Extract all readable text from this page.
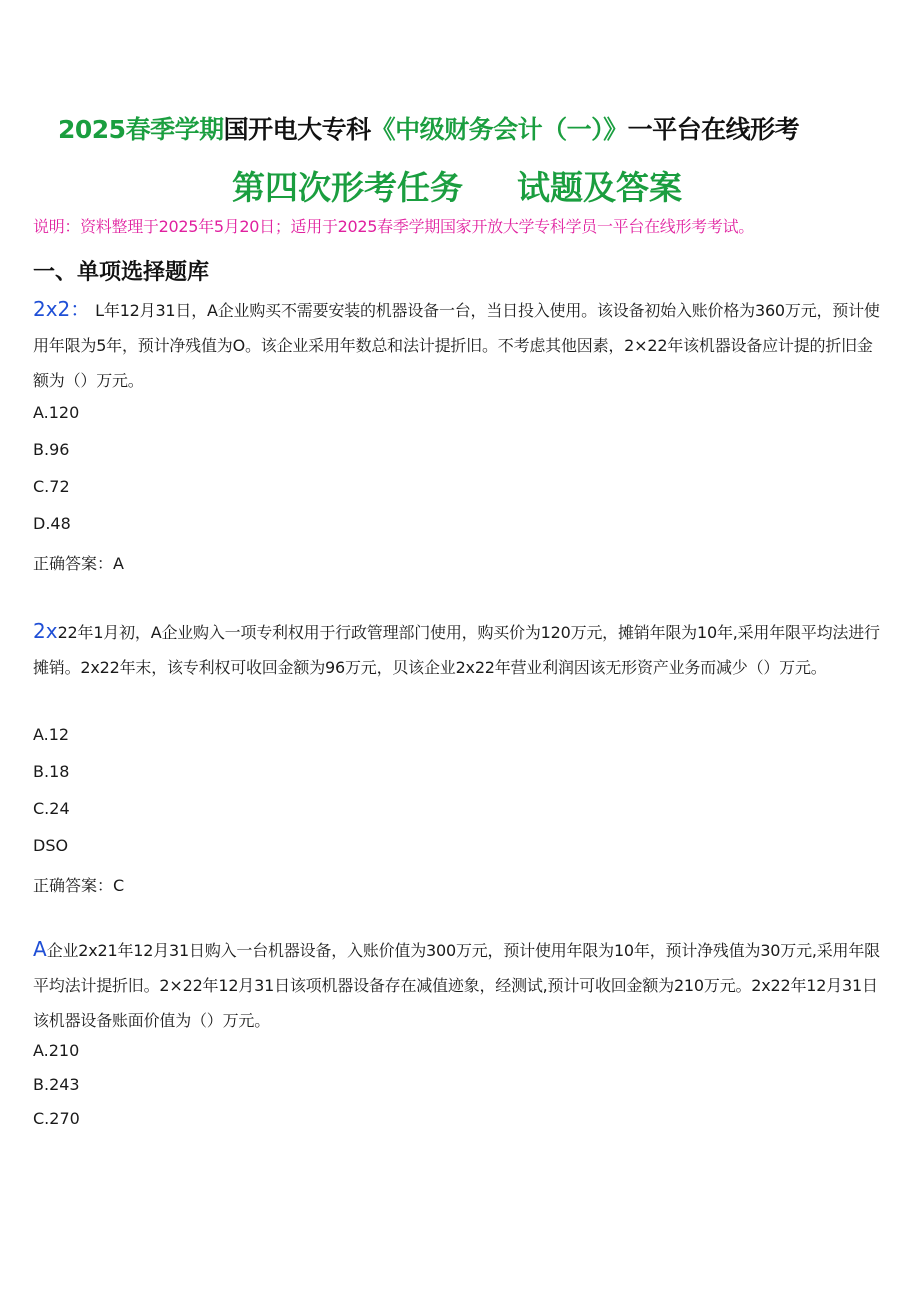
2025春季学期国开电大专科《中级财务会计（一）》一平台在线形考
第四次形考任务 试题及答案
说明：资料整理于2025年5月20日；适用于2025春季学期国家开放大学专科学员一平台在线形考考试。
一、单项选择题库
2x2： L年12月31日，A企业购买不需要安装的机器设备一台，当日投入使用。该设备初始入账价格为360万元，预计使用年限为5年，预计净残值为O。该企业采用年数总和法计提折旧。不考虑其他因素，2×22年该机器设备应计提的折旧金额为（）万元。
A.120
B.96
C.72
D.48
正确答案：A
2x22年1月初，A企业购入一项专利权用于行政管理部门使用，购买价为120万元，摊销年限为10年,采用年限平均法进行摊销。2x22年末，该专利权可收回金额为96万元，贝该企业2x22年营业利润因该无形资产业务而减少（）万元。
A.12
B.18
C.24
DSO
正确答案：C
A企业2x21年12月31日购入一台机器设备，入账价值为300万元，预计使用年限为10年，预计净残值为30万元,采用年限平均法计提折旧。2×22年12月31日该项机器设备存在减值迹象，经测试,预计可收回金额为210万元。2x22年12月31日该机器设备账面价值为（）万元。
A.210
B.243
C.270
